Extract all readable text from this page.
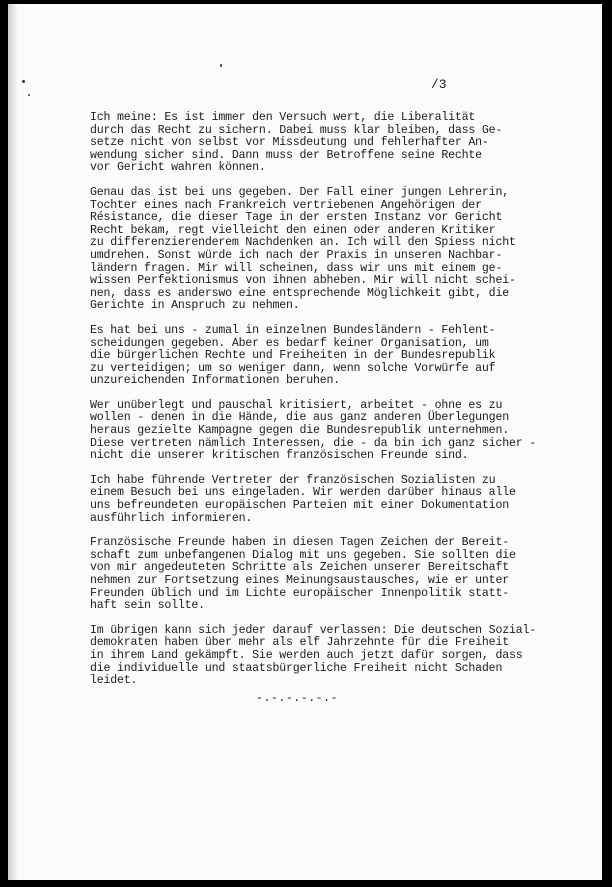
/3
Ich meine: Es ist immer den Versuch wert, die Liberalität
durch das Recht zu sichern. Dabei muss klar bleiben, dass Ge-
setze nicht von selbst vor Missdeutung und fehlerhafter An-
wendung sicher sind. Dann muss der Betroffene seine Rechte
vor Gericht wahren können.
Genau das ist bei uns gegeben. Der Fall einer jungen Lehrerin,
Tochter eines nach Frankreich vertriebenen Angehörigen der
Résistance, die dieser Tage in der ersten Instanz vor Gericht
Recht bekam, regt vielleicht den einen oder anderen Kritiker
zu differenzierenderem Nachdenken an. Ich will den Spiess nicht
umdrehen. Sonst würde ich nach der Praxis in unseren Nachbar-
ländern fragen. Mir will scheinen, dass wir uns mit einem ge-
wissen Perfektionismus von ihnen abheben. Mir will nicht schei-
nen, dass es anderswo eine entsprechende Möglichkeit gibt, die
Gerichte in Anspruch zu nehmen.
Es hat bei uns - zumal in einzelnen Bundesländern - Fehlent-
scheidungen gegeben. Aber es bedarf keiner Organisation, um
die bürgerlichen Rechte und Freiheiten in der Bundesrepublik
zu verteidigen; um so weniger dann, wenn solche Vorwürfe auf
unzureichenden Informationen beruhen.
Wer unüberlegt und pauschal kritisiert, arbeitet - ohne es zu
wollen - denen in die Hände, die aus ganz anderen Überlegungen
heraus gezielte Kampagne gegen die Bundesrepublik unternehmen.
Diese vertreten nämlich Interessen, die - da bin ich ganz sicher -
nicht die unserer kritischen französischen Freunde sind.
Ich habe führende Vertreter der französischen Sozialisten zu
einem Besuch bei uns eingeladen. Wir werden darüber hinaus alle
uns befreundeten europäischen Parteien mit einer Dokumentation
ausführlich informieren.
Französische Freunde haben in diesen Tagen Zeichen der Bereit-
schaft zum unbefangenen Dialog mit uns gegeben. Sie sollten die
von mir angedeuteten Schritte als Zeichen unserer Bereitschaft
nehmen zur Fortsetzung eines Meinungsaustausches, wie er unter
Freunden üblich und im Lichte europäischer Innenpolitik statt-
haft sein sollte.
Im übrigen kann sich jeder darauf verlassen: Die deutschen Sozial-
demokraten haben über mehr als elf Jahrzehnte für die Freiheit
in ihrem Land gekämpft. Sie werden auch jetzt dafür sorgen, dass
die individuelle und staatsbürgerliche Freiheit nicht Schaden
leidet.
-.-.-.-.-.-
